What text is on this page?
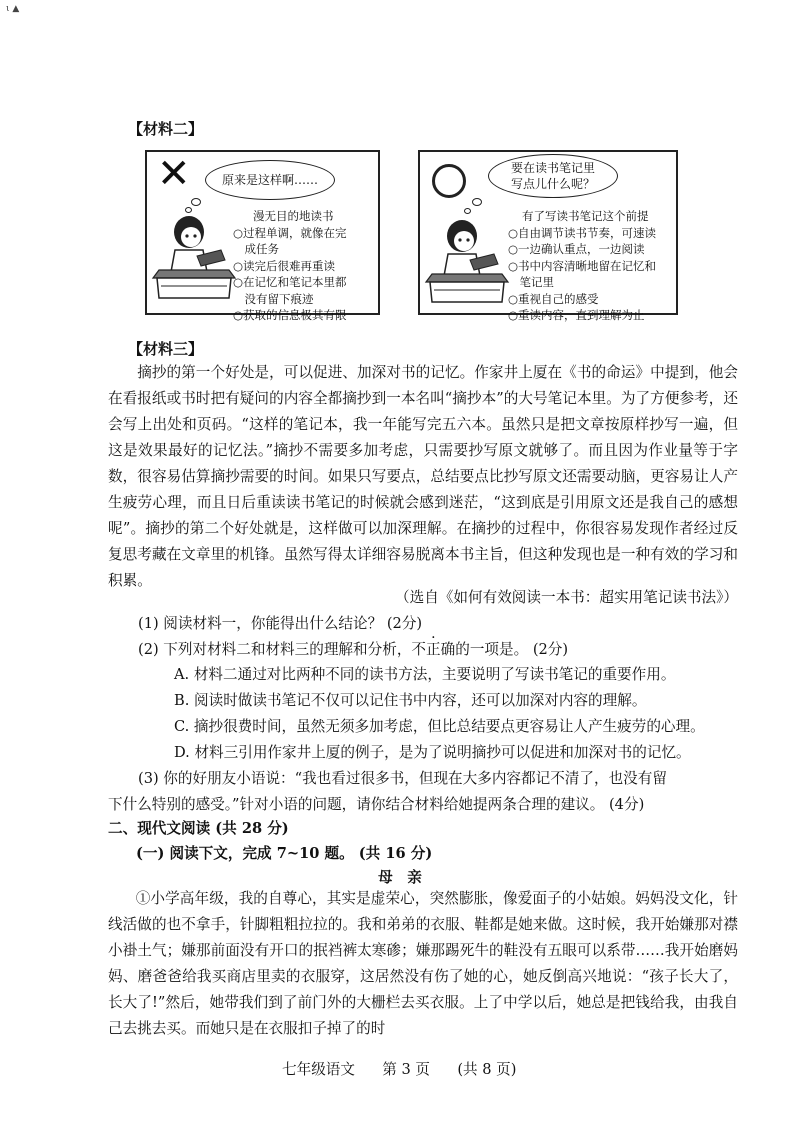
ι ▲
【材料二】
✕	原来是这样啊……
漫无目的地读书
○过程单调，就像在完
　成任务
○读完后很难再重读
○在记忆和笔记本里都
　没有留下痕迹
○获取的信息极其有限
要在读书笔记里
写点儿什么呢？
有了写读书笔记这个前提
○自由调节读书节奏，可速读
○一边确认重点，一边阅读
○书中内容清晰地留在记忆和
　笔记里
○重视自己的感受
○重读内容，直到理解为止
【材料三】
摘抄的第一个好处是，可以促进、加深对书的记忆。作家井上厦在《书的命运》中提到，他会在看报纸或书时把有疑问的内容全都摘抄到一本名叫“摘抄本”的大号笔记本里。为了方便参考，还会写上出处和页码。“这样的笔记本，我一年能写完五六本。虽然只是把文章按原样抄写一遍，但这是效果最好的记忆法。”摘抄不需要多加考虑，只需要抄写原文就够了。而且因为作业量等于字数，很容易估算摘抄需要的时间。如果只写要点，总结要点比抄写原文还需要动脑，更容易让人产生疲劳心理，而且日后重读读书笔记的时候就会感到迷茫，“这到底是引用原文还是我自己的感想呢”。摘抄的第二个好处就是，这样做可以加深理解。在摘抄的过程中，你很容易发现作者经过反复思考藏在文章里的机锋。虽然写得太详细容易脱离本书主旨，但这种发现也是一种有效的学习和积累。
（选自《如何有效阅读一本书：超实用笔记读书法》）
(1) 阅读材料一，你能得出什么结论？ (2分)
(2) 下列对材料二和材料三的理解和分析，不正确的一项是。 (2分)
A. 材料二通过对比两种不同的读书方法，主要说明了写读书笔记的重要作用。
B. 阅读时做读书笔记不仅可以记住书中内容，还可以加深对内容的理解。
C. 摘抄很费时间，虽然无须多加考虑，但比总结要点更容易让人产生疲劳的心理。
D. 材料三引用作家井上厦的例子，是为了说明摘抄可以促进和加深对书的记忆。
(3) 你的好朋友小语说：“我也看过很多书，但现在大多内容都记不清了，也没有留
下什么特别的感受。”针对小语的问题，请你结合材料给她提两条合理的建议。 (4分)
二、现代文阅读 (共 28 分)
(一) 阅读下文，完成 7~10 题。 (共 16 分)
母　亲
①小学高年级，我的自尊心，其实是虚荣心，突然膨胀，像爱面子的小姑娘。妈妈没文化，针线活做的也不拿手，针脚粗粗拉拉的。我和弟弟的衣服、鞋都是她来做。这时候，我开始嫌那对襟小褂土气；嫌那前面没有开口的抿裆裤太寒碜；嫌那踢死牛的鞋没有五眼可以系带……我开始磨妈妈、磨爸爸给我买商店里卖的衣服穿，这居然没有伤了她的心，她反倒高兴地说：“孩子长大了，长大了!”然后，她带我们到了前门外的大栅栏去买衣服。上了中学以后，她总是把钱给我，由我自己去挑去买。而她只是在衣服扣子掉了的时
七年级语文 第 3 页 (共 8 页)
